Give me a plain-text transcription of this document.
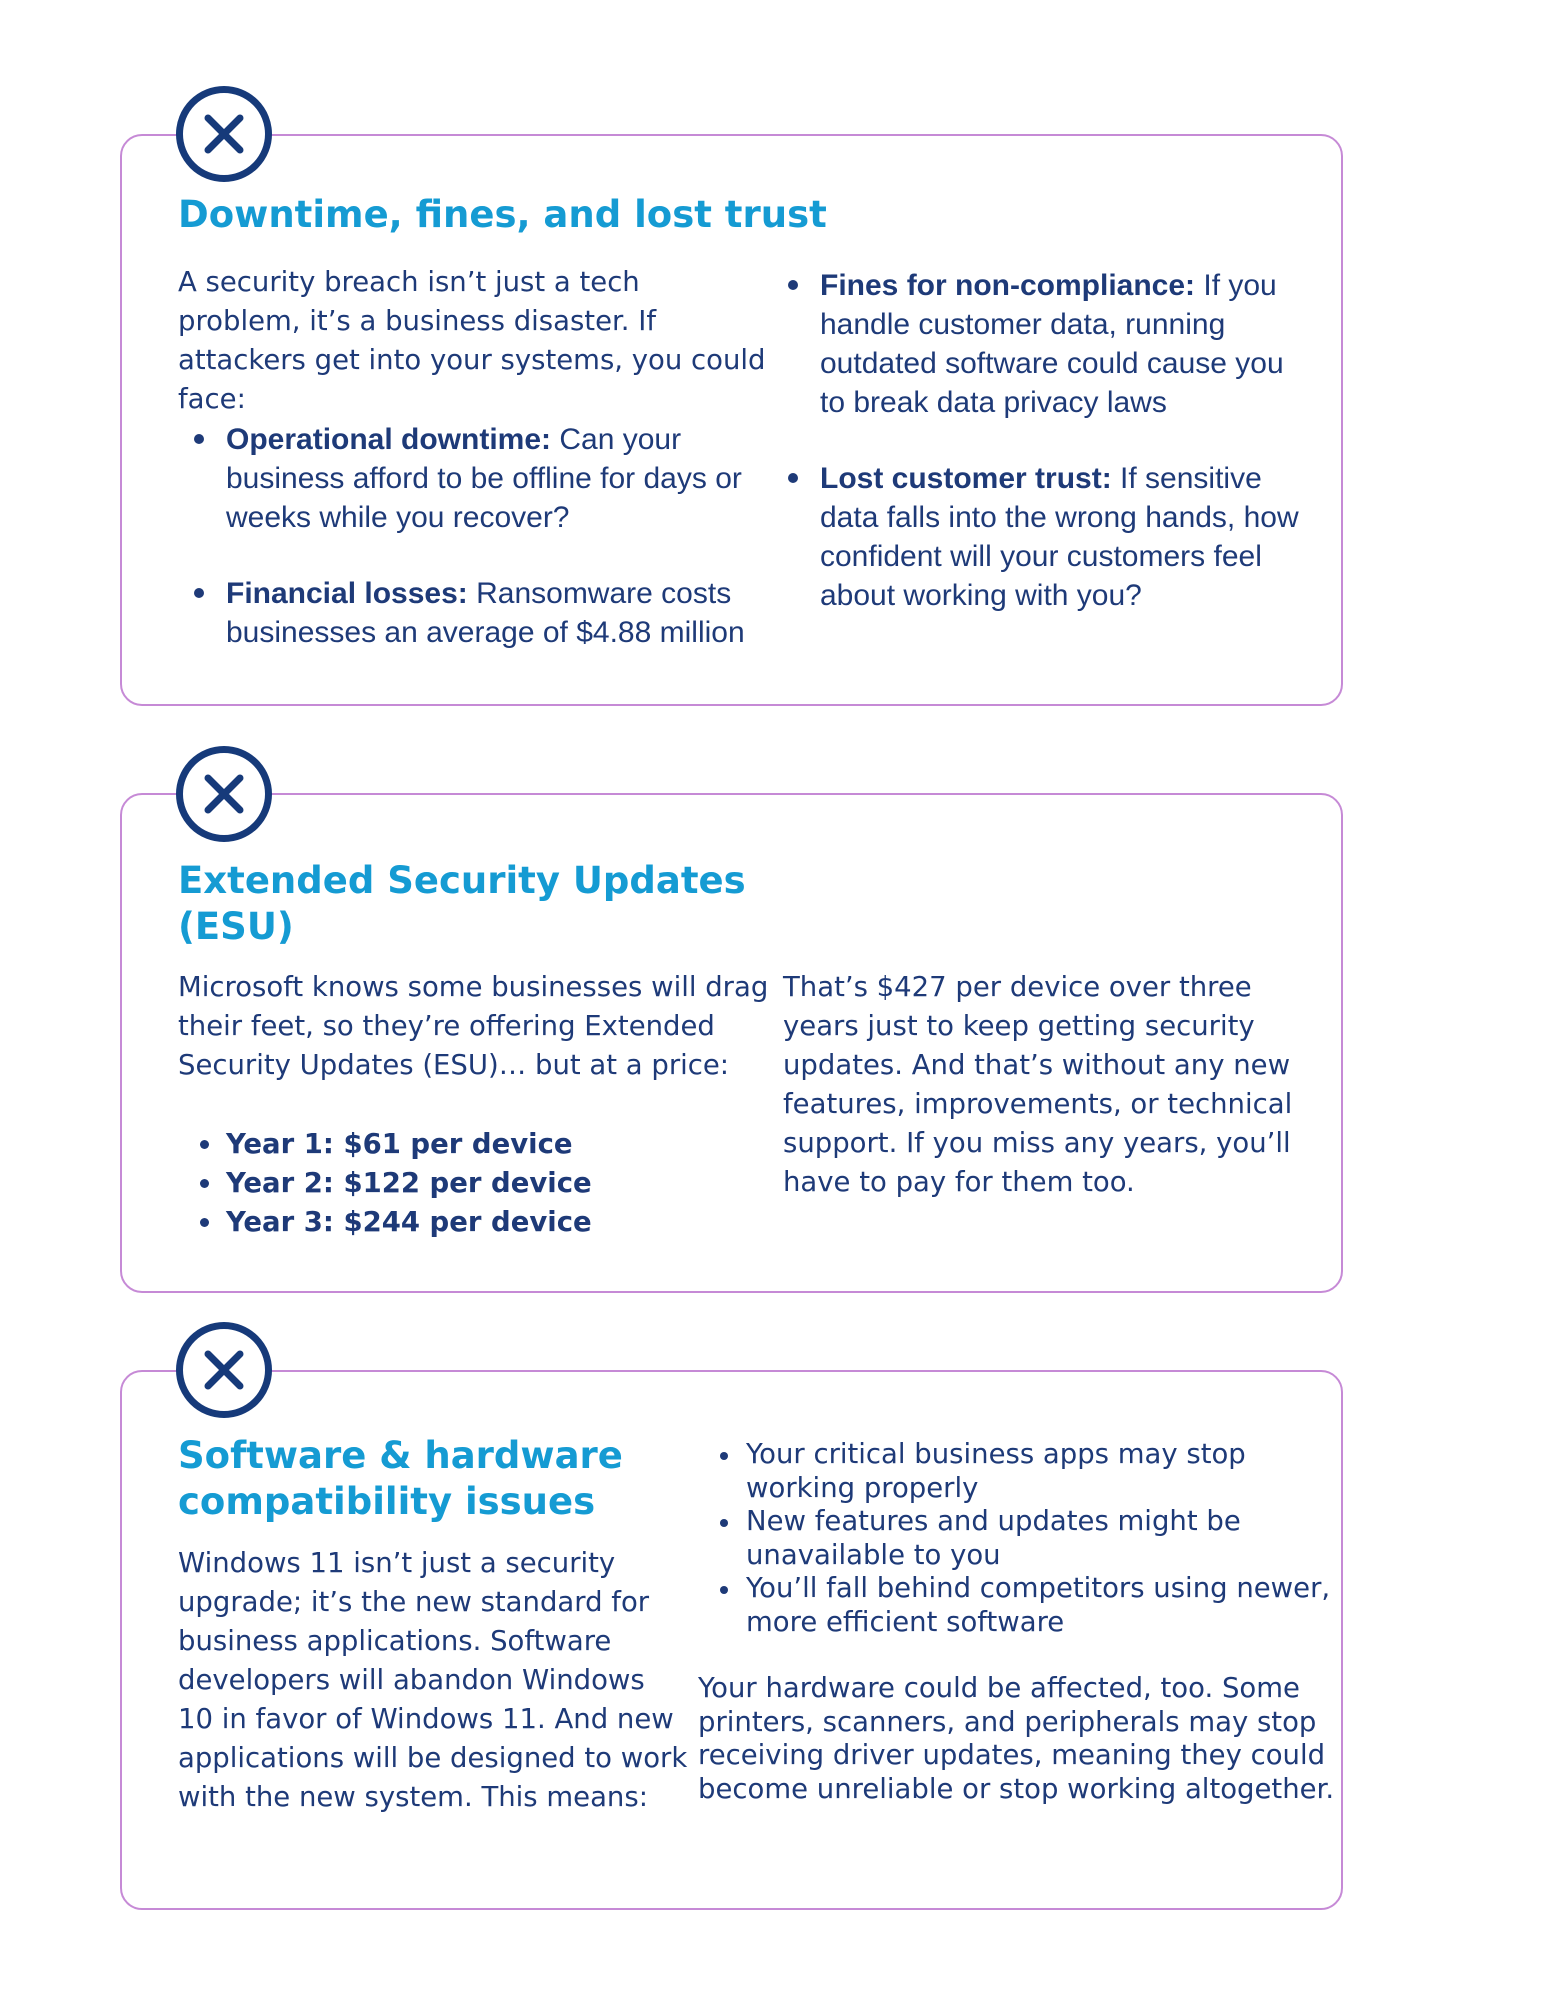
Downtime, fines, and lost trust

A security breach isn’t just a tech problem, it’s a business disaster. If attackers get into your systems, you could face:

Operational downtime: Can your business afford to be offline for days or weeks while you recover?

Financial losses: Ransomware costs businesses an average of $4.88 million

Fines for non-compliance: If you handle customer data, running outdated software could cause you to break data privacy laws

Lost customer trust: If sensitive data falls into the wrong hands, how confident will your customers feel about working with you?

Extended Security Updates
(ESU)

Microsoft knows some businesses will drag their feet, so they’re offering Extended Security Updates (ESU)… but at a price:

Year 1: $61 per device
Year 2: $122 per device
Year 3: $244 per device

That’s $427 per device over three years just to keep getting security updates. And that’s without any new features, improvements, or technical support. If you miss any years, you’ll have to pay for them too.

Software & hardware
compatibility issues

Windows 11 isn’t just a security upgrade; it’s the new standard for business applications. Software developers will abandon Windows 10 in favor of Windows 11. And new applications will be designed to work with the new system. This means:

Your critical business apps may stop working properly
New features and updates might be unavailable to you
You’ll fall behind competitors using newer, more efficient software

Your hardware could be affected, too. Some printers, scanners, and peripherals may stop receiving driver updates, meaning they could become unreliable or stop working altogether.
